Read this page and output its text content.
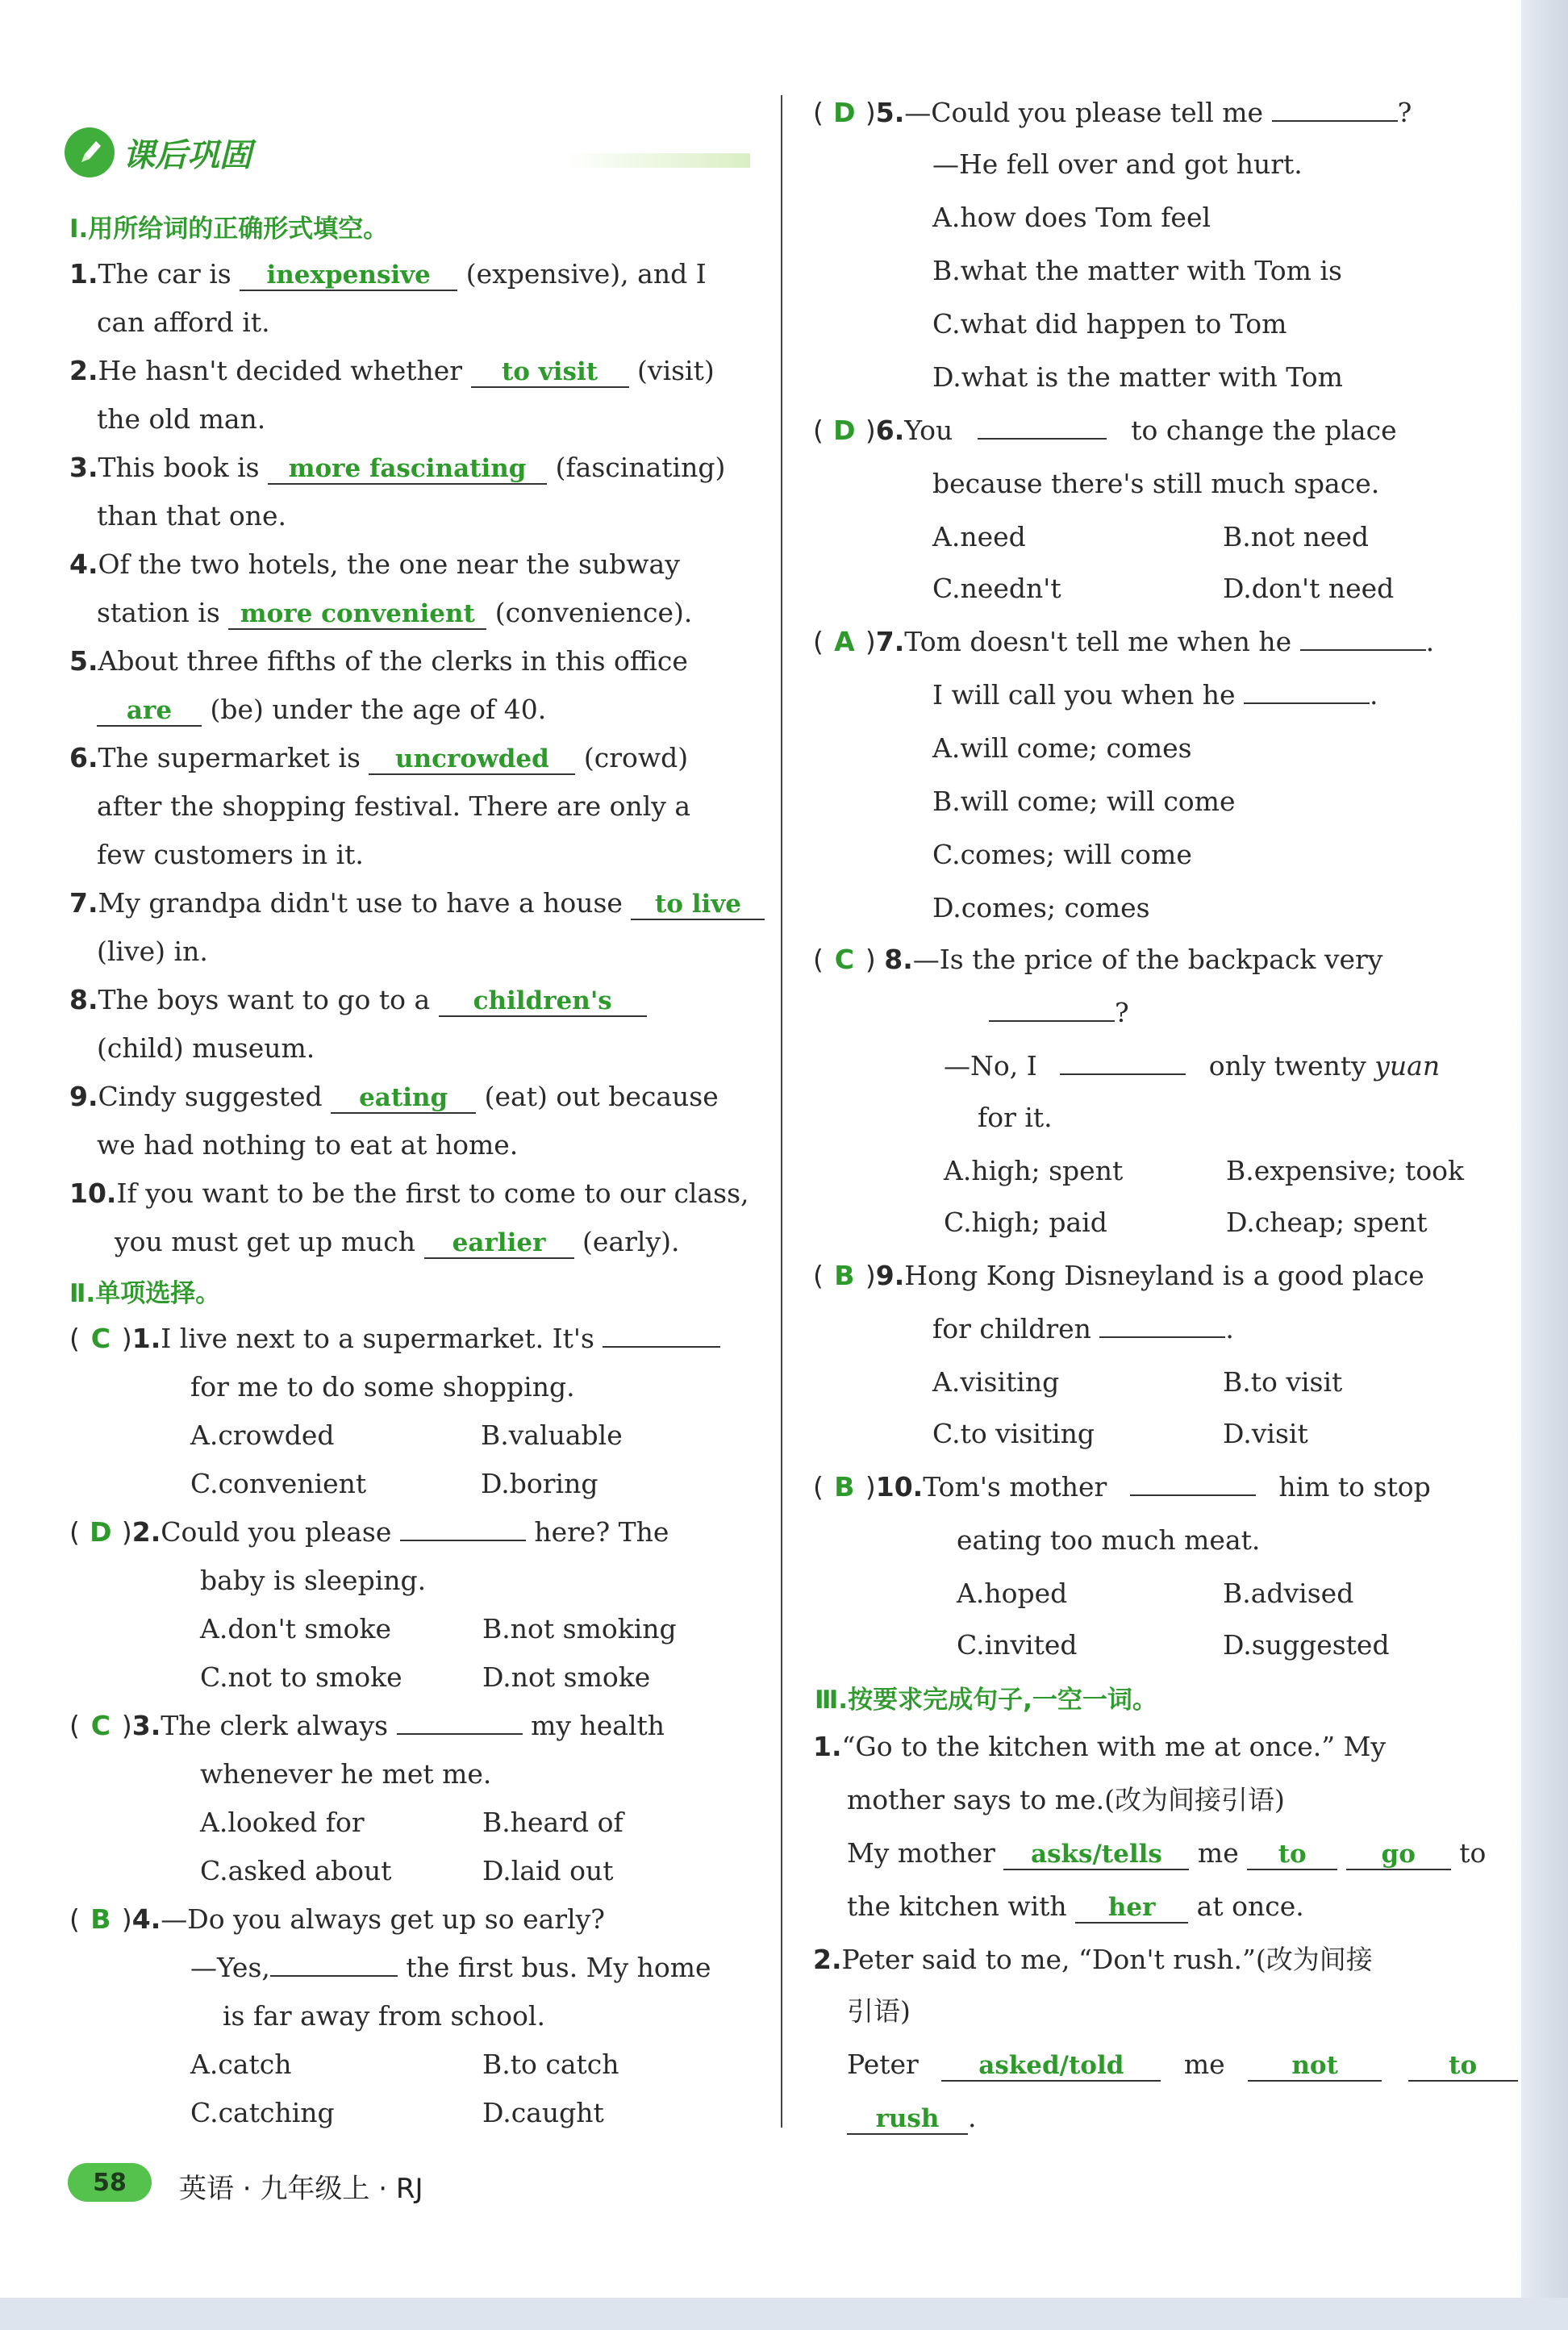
课后巩固
Ⅰ.用所给词的正确形式填空。
1.The car is inexpensive (expensive), and I
can afford it.
2.He hasn't decided whether to visit (visit)
the old man.
3.This book is more fascinating (fascinating)
than that one.
4.Of the two hotels, the one near the subway
station is more convenient (convenience).
5.About three fifths of the clerks in this office
are (be) under the age of 40.
6.The supermarket is uncrowded (crowd)
after the shopping festival. There are only a
few customers in it.
7.My grandpa didn't use to have a house to live
(live) in.
8.The boys want to go to a children's
(child) museum.
9.Cindy suggested eating (eat) out because
we had nothing to eat at home.
10.If you want to be the first to come to our class,
you must get up much earlier (early).
Ⅱ.单项选择。
( C )1.I live next to a supermarket. It's
for me to do some shopping.
A.crowded	B.valuable
C.convenient	D.boring
( D )2.Could you please	here? The
baby is sleeping.
A.don't smoke	B.not smoking
C.not to smoke	D.not smoke
( C )3.The clerk always	my health
whenever he met me.
A.looked for	B.heard of
C.asked about	D.laid out
( B )4.—Do you always get up so early?
—Yes,	the first bus. My home
is far away from school.
A.catch	B.to catch
C.catching	D.caught
( D )5.—Could you please tell me	?
—He fell over and got hurt.
A.how does Tom feel
B.what the matter with Tom is
C.what did happen to Tom
D.what is the matter with Tom
( D )6.You	to change the place
because there's still much space.
A.need	B.not need
C.needn't	D.don't need
( A )7.Tom doesn't tell me when he	.
I will call you when he	.
A.will come; comes
B.will come; will come
C.comes; will come
D.comes; comes
( C ) 8.—Is the price of the backpack very
?
—No, I	only twenty yuan
for it.
A.high; spent	B.expensive; took
C.high; paid	D.cheap; spent
( B )9.Hong Kong Disneyland is a good place
for children	.
A.visiting	B.to visit
C.to visiting	D.visit
( B )10.Tom's mother	him to stop
eating too much meat.
A.hoped	B.advised
C.invited	D.suggested
Ⅲ.按要求完成句子,一空一词。
1.“Go to the kitchen with me at once.” My
mother says to me.(改为间接引语)
My mother asks/tells me to	go to
the kitchen with her at once.
2.Peter said to me, “Don't rush.”(改为间接
引语)
Peter asked/told me	not	to
rush .
58	英语 · 九年级上 · RJ
